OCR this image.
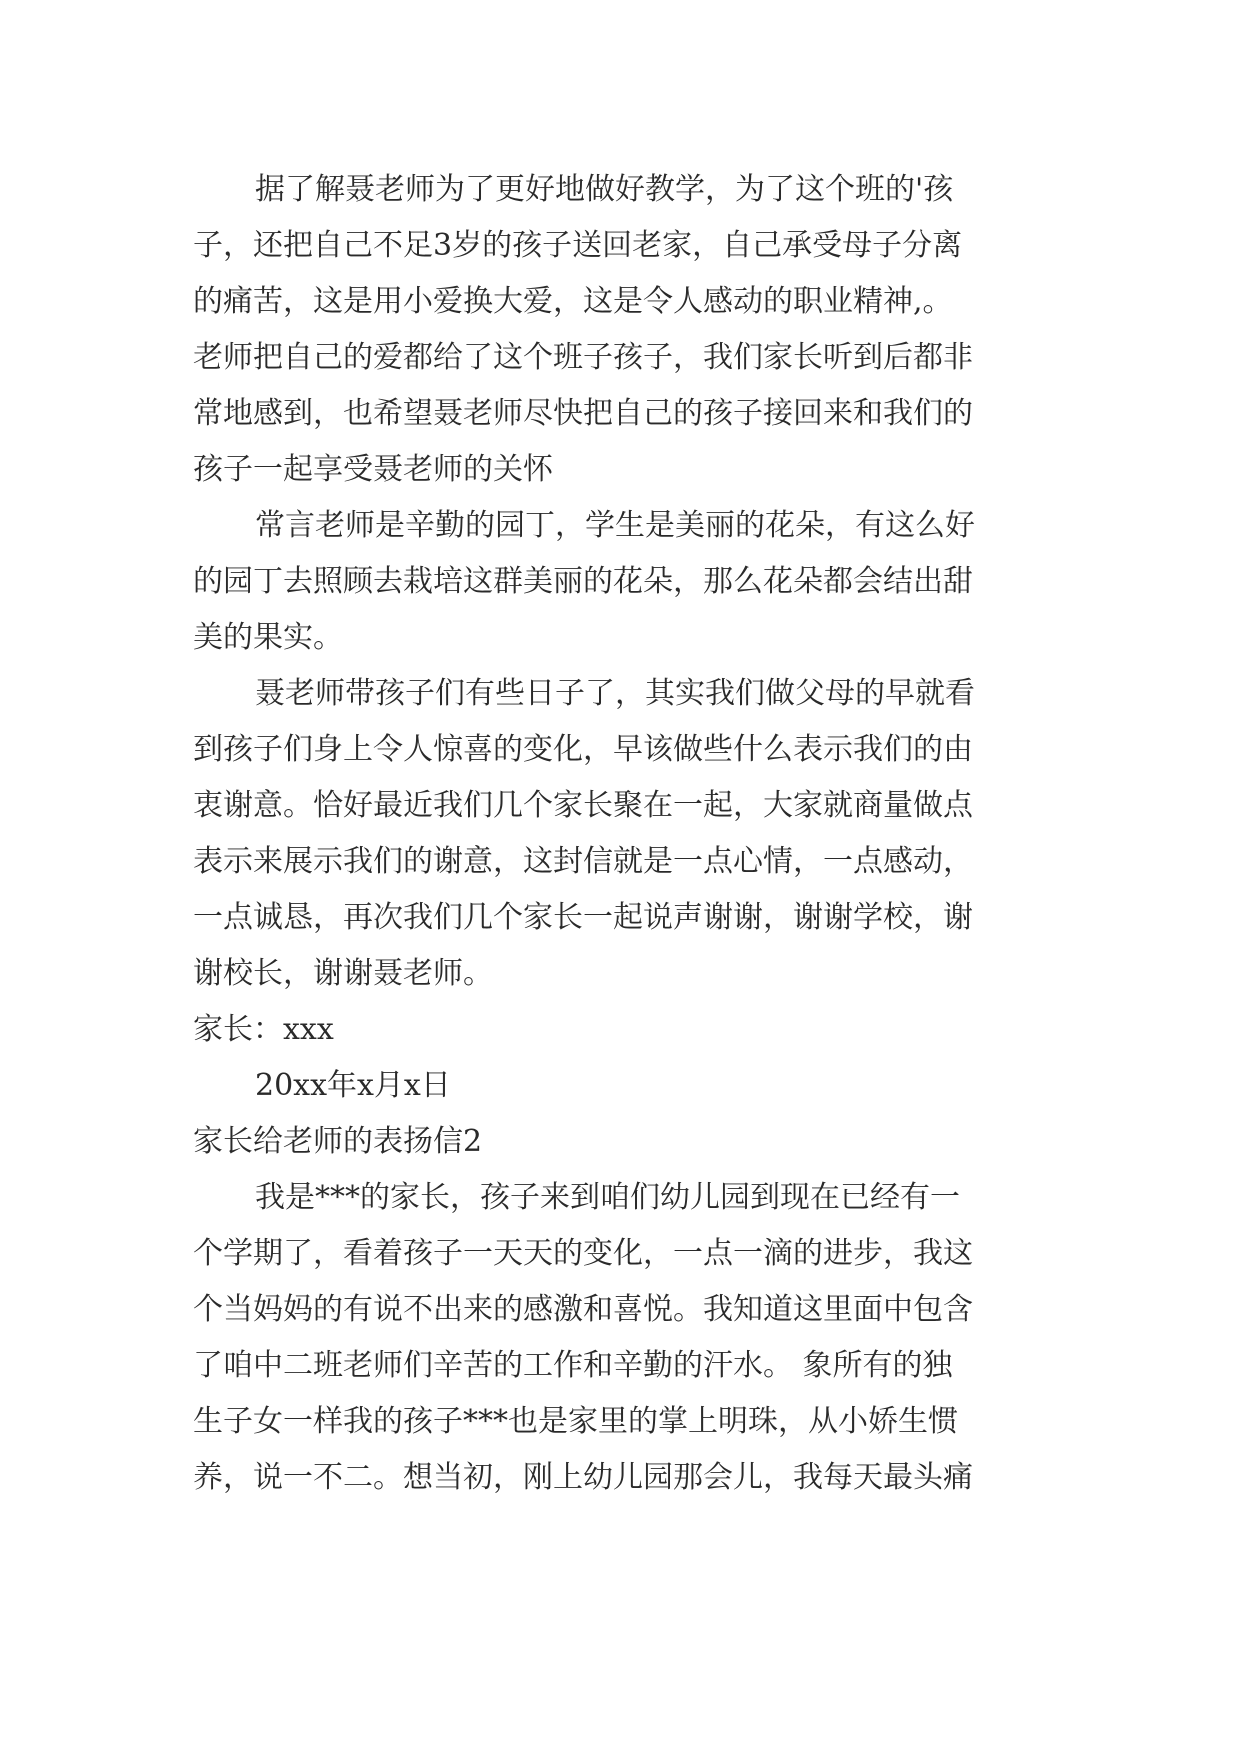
据了解聂老师为了更好地做好教学，为了这个班的'孩
子，还把自己不足3岁的孩子送回老家，自己承受母子分离
的痛苦，这是用小爱换大爱，这是令人感动的职业精神,。
老师把自己的爱都给了这个班子孩子，我们家长听到后都非
常地感到，也希望聂老师尽快把自己的孩子接回来和我们的
孩子一起享受聂老师的关怀
常言老师是辛勤的园丁，学生是美丽的花朵，有这么好
的园丁去照顾去栽培这群美丽的花朵，那么花朵都会结出甜
美的果实。
聂老师带孩子们有些日子了，其实我们做父母的早就看
到孩子们身上令人惊喜的变化，早该做些什么表示我们的由
衷谢意。恰好最近我们几个家长聚在一起，大家就商量做点
表示来展示我们的谢意，这封信就是一点心情，一点感动，
一点诚恳，再次我们几个家长一起说声谢谢，谢谢学校，谢
谢校长，谢谢聂老师。
家长：xxx
20xx年x月x日
家长给老师的表扬信2
我是***的家长，孩子来到咱们幼儿园到现在已经有一
个学期了，看着孩子一天天的变化，一点一滴的进步，我这
个当妈妈的有说不出来的感激和喜悦。我知道这里面中包含
了咱中二班老师们辛苦的工作和辛勤的汗水。 象所有的独
生子女一样我的孩子***也是家里的掌上明珠，从小娇生惯
养，说一不二。想当初，刚上幼儿园那会儿，我每天最头痛
